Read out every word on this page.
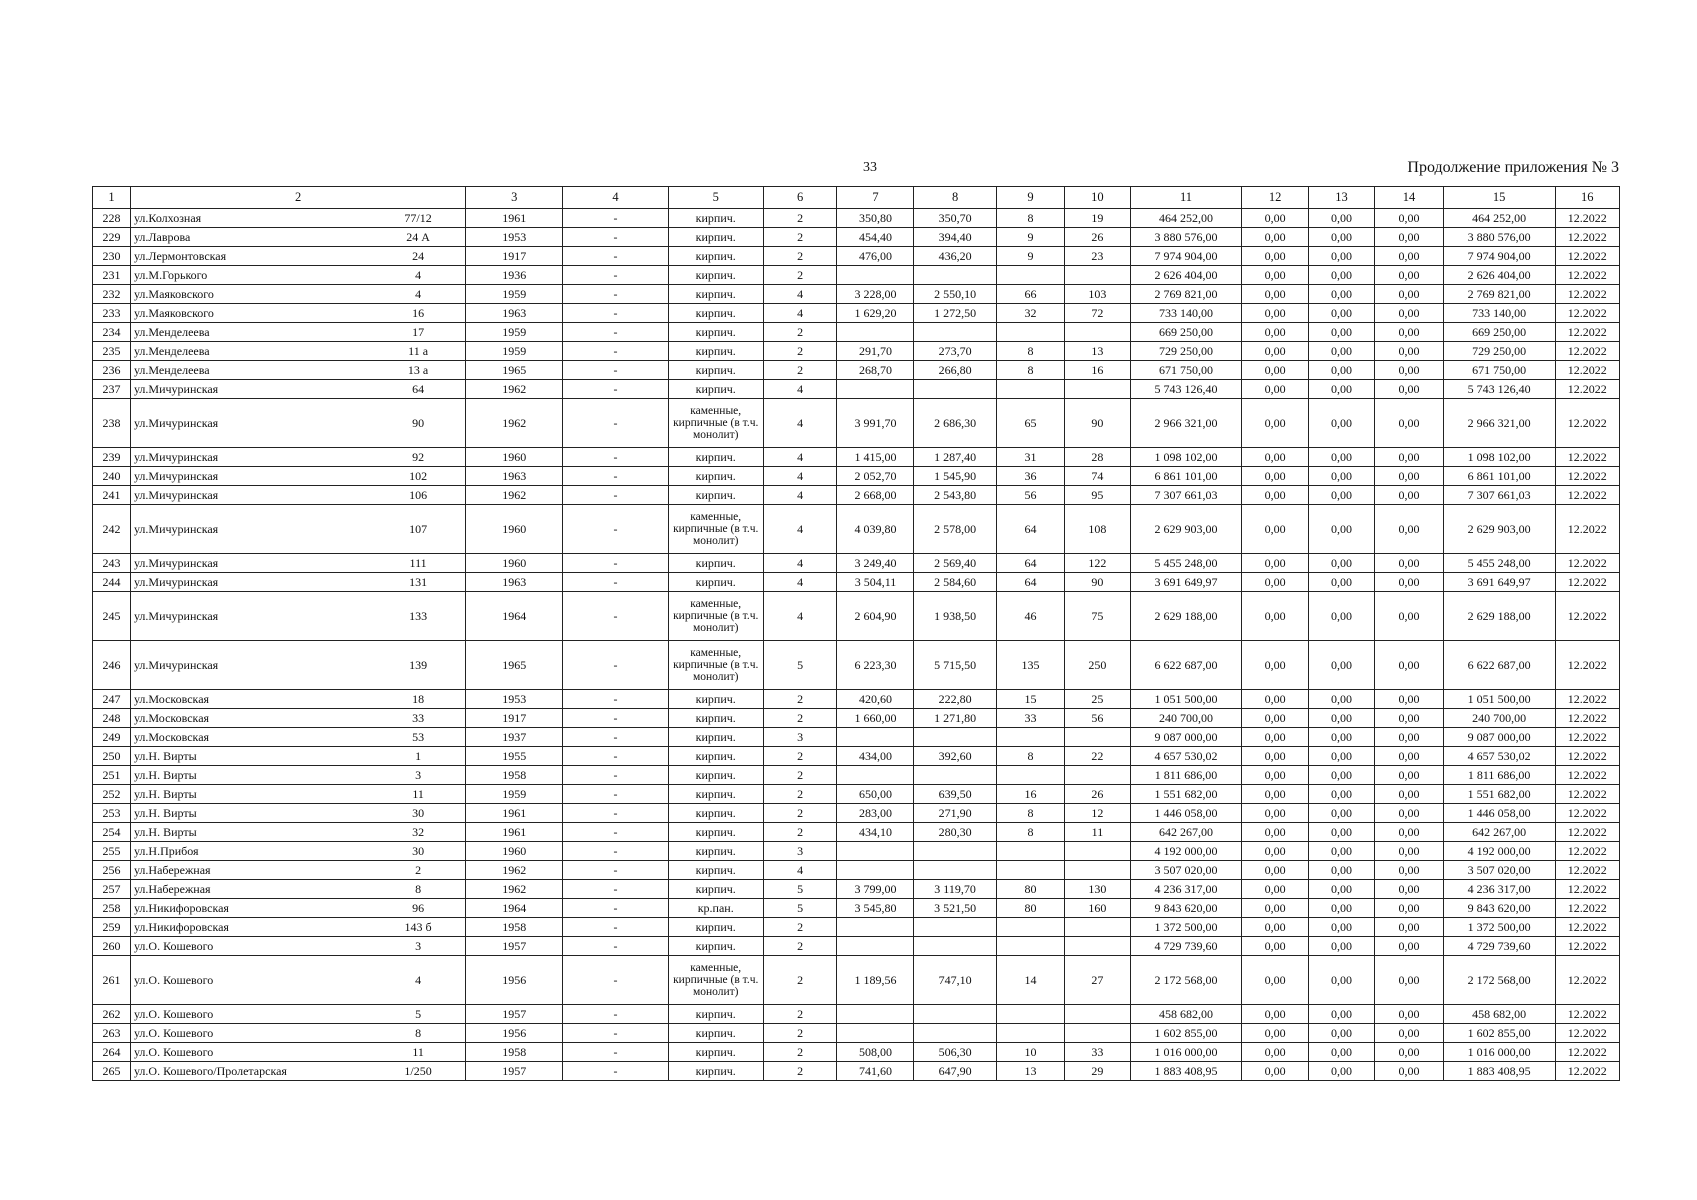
33	Продолжение приложения № 3
1	2		3	4	5	6	7	8	9	10	11	12	13	14	15	16
228	ул.Колхозная	77/12	1961	-	кирпич.	2	350,80	350,70	8	19	464 252,00	0,00	0,00	0,00	464 252,00	12.2022
229	ул.Лаврова	24 А	1953	-	кирпич.	2	454,40	394,40	9	26	3 880 576,00	0,00	0,00	0,00	3 880 576,00	12.2022
230	ул.Лермонтовская	24	1917	-	кирпич.	2	476,00	436,20	9	23	7 974 904,00	0,00	0,00	0,00	7 974 904,00	12.2022
231	ул.М.Горького	4	1936	-	кирпич.	2					2 626 404,00	0,00	0,00	0,00	2 626 404,00	12.2022
232	ул.Маяковского	4	1959	-	кирпич.	4	3 228,00	2 550,10	66	103	2 769 821,00	0,00	0,00	0,00	2 769 821,00	12.2022
233	ул.Маяковского	16	1963	-	кирпич.	4	1 629,20	1 272,50	32	72	733 140,00	0,00	0,00	0,00	733 140,00	12.2022
234	ул.Менделеева	17	1959	-	кирпич.	2					669 250,00	0,00	0,00	0,00	669 250,00	12.2022
235	ул.Менделеева	11 а	1959	-	кирпич.	2	291,70	273,70	8	13	729 250,00	0,00	0,00	0,00	729 250,00	12.2022
236	ул.Менделеева	13 а	1965	-	кирпич.	2	268,70	266,80	8	16	671 750,00	0,00	0,00	0,00	671 750,00	12.2022
237	ул.Мичуринская	64	1962	-	кирпич.	4					5 743 126,40	0,00	0,00	0,00	5 743 126,40	12.2022
238	ул.Мичуринская	90	1962	-	каменные, кирпичные (в т.ч. монолит)	4	3 991,70	2 686,30	65	90	2 966 321,00	0,00	0,00	0,00	2 966 321,00	12.2022
239	ул.Мичуринская	92	1960	-	кирпич.	4	1 415,00	1 287,40	31	28	1 098 102,00	0,00	0,00	0,00	1 098 102,00	12.2022
240	ул.Мичуринская	102	1963	-	кирпич.	4	2 052,70	1 545,90	36	74	6 861 101,00	0,00	0,00	0,00	6 861 101,00	12.2022
241	ул.Мичуринская	106	1962	-	кирпич.	4	2 668,00	2 543,80	56	95	7 307 661,03	0,00	0,00	0,00	7 307 661,03	12.2022
242	ул.Мичуринская	107	1960	-	каменные, кирпичные (в т.ч. монолит)	4	4 039,80	2 578,00	64	108	2 629 903,00	0,00	0,00	0,00	2 629 903,00	12.2022
243	ул.Мичуринская	111	1960	-	кирпич.	4	3 249,40	2 569,40	64	122	5 455 248,00	0,00	0,00	0,00	5 455 248,00	12.2022
244	ул.Мичуринская	131	1963	-	кирпич.	4	3 504,11	2 584,60	64	90	3 691 649,97	0,00	0,00	0,00	3 691 649,97	12.2022
245	ул.Мичуринская	133	1964	-	каменные, кирпичные (в т.ч. монолит)	4	2 604,90	1 938,50	46	75	2 629 188,00	0,00	0,00	0,00	2 629 188,00	12.2022
246	ул.Мичуринская	139	1965	-	каменные, кирпичные (в т.ч. монолит)	5	6 223,30	5 715,50	135	250	6 622 687,00	0,00	0,00	0,00	6 622 687,00	12.2022
247	ул.Московская	18	1953	-	кирпич.	2	420,60	222,80	15	25	1 051 500,00	0,00	0,00	0,00	1 051 500,00	12.2022
248	ул.Московская	33	1917	-	кирпич.	2	1 660,00	1 271,80	33	56	240 700,00	0,00	0,00	0,00	240 700,00	12.2022
249	ул.Московская	53	1937	-	кирпич.	3					9 087 000,00	0,00	0,00	0,00	9 087 000,00	12.2022
250	ул.Н. Вирты	1	1955	-	кирпич.	2	434,00	392,60	8	22	4 657 530,02	0,00	0,00	0,00	4 657 530,02	12.2022
251	ул.Н. Вирты	3	1958	-	кирпич.	2					1 811 686,00	0,00	0,00	0,00	1 811 686,00	12.2022
252	ул.Н. Вирты	11	1959	-	кирпич.	2	650,00	639,50	16	26	1 551 682,00	0,00	0,00	0,00	1 551 682,00	12.2022
253	ул.Н. Вирты	30	1961	-	кирпич.	2	283,00	271,90	8	12	1 446 058,00	0,00	0,00	0,00	1 446 058,00	12.2022
254	ул.Н. Вирты	32	1961	-	кирпич.	2	434,10	280,30	8	11	642 267,00	0,00	0,00	0,00	642 267,00	12.2022
255	ул.Н.Прибоя	30	1960	-	кирпич.	3					4 192 000,00	0,00	0,00	0,00	4 192 000,00	12.2022
256	ул.Набережная	2	1962	-	кирпич.	4					3 507 020,00	0,00	0,00	0,00	3 507 020,00	12.2022
257	ул.Набережная	8	1962	-	кирпич.	5	3 799,00	3 119,70	80	130	4 236 317,00	0,00	0,00	0,00	4 236 317,00	12.2022
258	ул.Никифоровская	96	1964	-	кр.пан.	5	3 545,80	3 521,50	80	160	9 843 620,00	0,00	0,00	0,00	9 843 620,00	12.2022
259	ул.Никифоровская	143 б	1958	-	кирпич.	2					1 372 500,00	0,00	0,00	0,00	1 372 500,00	12.2022
260	ул.О. Кошевого	3	1957	-	кирпич.	2					4 729 739,60	0,00	0,00	0,00	4 729 739,60	12.2022
261	ул.О. Кошевого	4	1956	-	каменные, кирпичные (в т.ч. монолит)	2	1 189,56	747,10	14	27	2 172 568,00	0,00	0,00	0,00	2 172 568,00	12.2022
262	ул.О. Кошевого	5	1957	-	кирпич.	2					458 682,00	0,00	0,00	0,00	458 682,00	12.2022
263	ул.О. Кошевого	8	1956	-	кирпич.	2					1 602 855,00	0,00	0,00	0,00	1 602 855,00	12.2022
264	ул.О. Кошевого	11	1958	-	кирпич.	2	508,00	506,30	10	33	1 016 000,00	0,00	0,00	0,00	1 016 000,00	12.2022
265	ул.О. Кошевого/Пролетарская	1/250	1957	-	кирпич.	2	741,60	647,90	13	29	1 883 408,95	0,00	0,00	0,00	1 883 408,95	12.2022
